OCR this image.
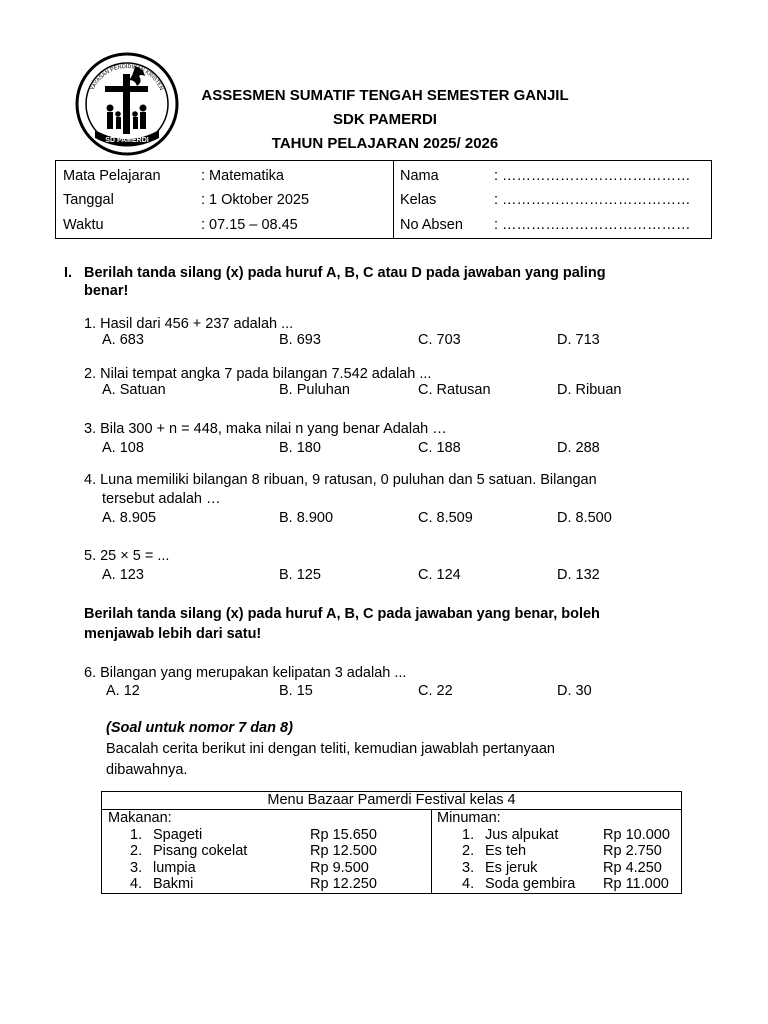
SD PAMERDI
YAYASAN PENDIDIKAN KRISTEN	ASSESMEN SUMATIF TENGAH SEMESTER GANJIL
SDK PAMERDI
TAHUN PELAJARAN 2025/ 2026
Mata Pelajaran	: Matematika
Tanggal	: 1 Oktober 2025
Waktu	: 07.15 – 08.45
Nama	: …………………………………
Kelas	: …………………………………
No Absen : …………………………………
I. Berilah tanda silang (x) pada huruf A, B, C atau D pada jawaban yang paling
benar!
1. Hasil dari 456 + 237 adalah ...
A. 683	B. 693	C. 703	D. 713
2. Nilai tempat angka 7 pada bilangan 7.542 adalah ...
A. Satuan	B. Puluhan	C. Ratusan	D. Ribuan
3. Bila 300 + n = 448, maka nilai n yang benar Adalah …
A. 108	B. 180	C. 188	D. 288
4. Luna memiliki bilangan 8 ribuan, 9 ratusan, 0 puluhan dan 5 satuan. Bilangan
tersebut adalah …
A. 8.905	B. 8.900	C. 8.509	D. 8.500
5. 25 × 5 = ...
A. 123	B. 125	C. 124	D. 132
Berilah tanda silang (x) pada huruf A, B, C pada jawaban yang benar, boleh
menjawab lebih dari satu!
6. Bilangan yang merupakan kelipatan 3 adalah ...
A. 12	B. 15	C. 22	D. 30
(Soal untuk nomor 7 dan 8)
Bacalah cerita berikut ini dengan teliti, kemudian jawablah pertanyaan
dibawahnya.
Menu Bazaar Pamerdi Festival kelas 4
Makanan:	Minuman:
1. Spageti	Rp 15.650
2. Pisang cokelat	Rp 12.500
3. lumpia	Rp 9.500
4. Bakmi	Rp 12.250
1. Jus alpukat	Rp 10.000
2. Es teh	Rp 2.750
3. Es jeruk	Rp 4.250
4. Soda gembira Rp 11.000
